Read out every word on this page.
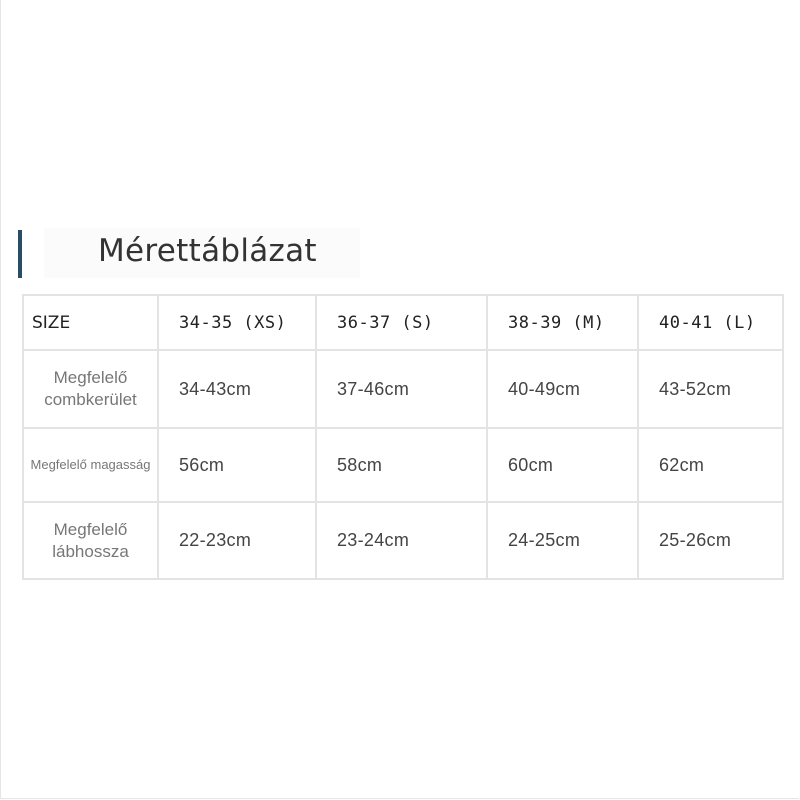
Mérettáblázat
SIZE	34-35 (XS)	36-37 (S)	38-39 (M)	40-41 (L)

Megfelelő
combkerület	34-43cm	37-46cm	40-49cm	43-52cm

Megfelelő magasság	56cm	58cm	60cm	62cm

Megfelelő
lábhossza	22-23cm	23-24cm	24-25cm	25-26cm
